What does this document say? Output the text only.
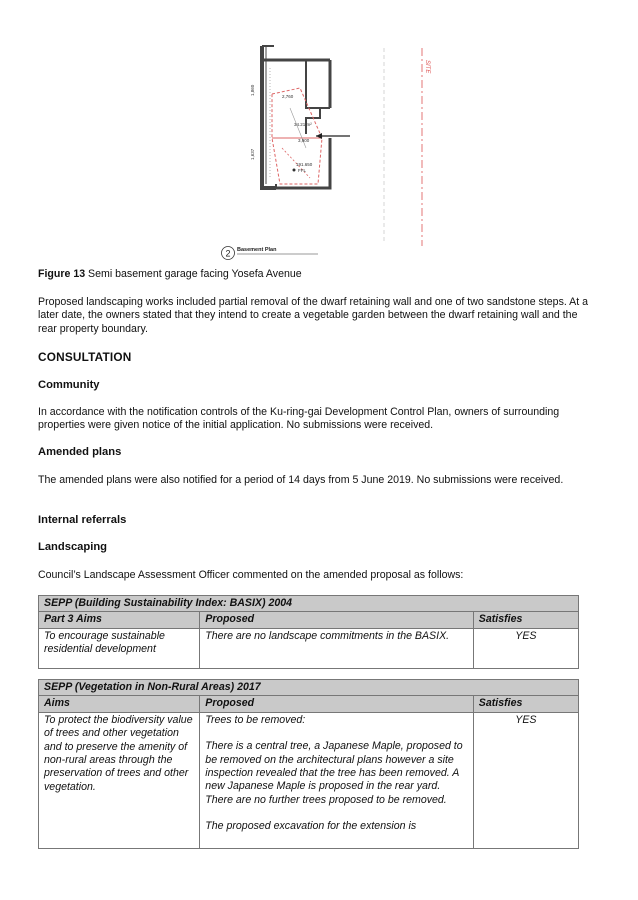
SITE
1,860
2,760
1,637
3,900
34.21 m²
191.650
FFL
2 Basement Plan

Figure 13 Semi basement garage facing Yosefa Avenue

Proposed landscaping works included partial removal of the dwarf retaining wall and one of two sandstone steps. At a later date, the owners stated that they intend to create a vegetable garden between the dwarf retaining wall and the rear property boundary.

CONSULTATION

Community

In accordance with the notification controls of the Ku-ring-gai Development Control Plan, owners of surrounding properties were given notice of the initial application. No submissions were received.

Amended plans

The amended plans were also notified for a period of 14 days from 5 June 2019. No submissions were received.

Internal referrals

Landscaping

Council’s Landscape Assessment Officer commented on the amended proposal as follows:

SEPP (Building Sustainability Index: BASIX) 2004		
Part 3 Aims	Proposed	Satisfies
To encourage sustainable residential development	There are no landscape commitments in the BASIX.	YES
SEPP (Vegetation in Non-Rural Areas) 2017		
Aims	Proposed	Satisfies
To protect the biodiversity value of trees and other vegetation and to preserve the amenity of non-rural areas through the preservation of trees and other vegetation.	Trees to be removed:
There is a central tree, a Japanese Maple, proposed to be removed on the architectural plans however a site inspection revealed that the tree has been removed. A new Japanese Maple is proposed in the rear yard. There are no further trees proposed to be removed.
The proposed excavation for the extension is	YES
